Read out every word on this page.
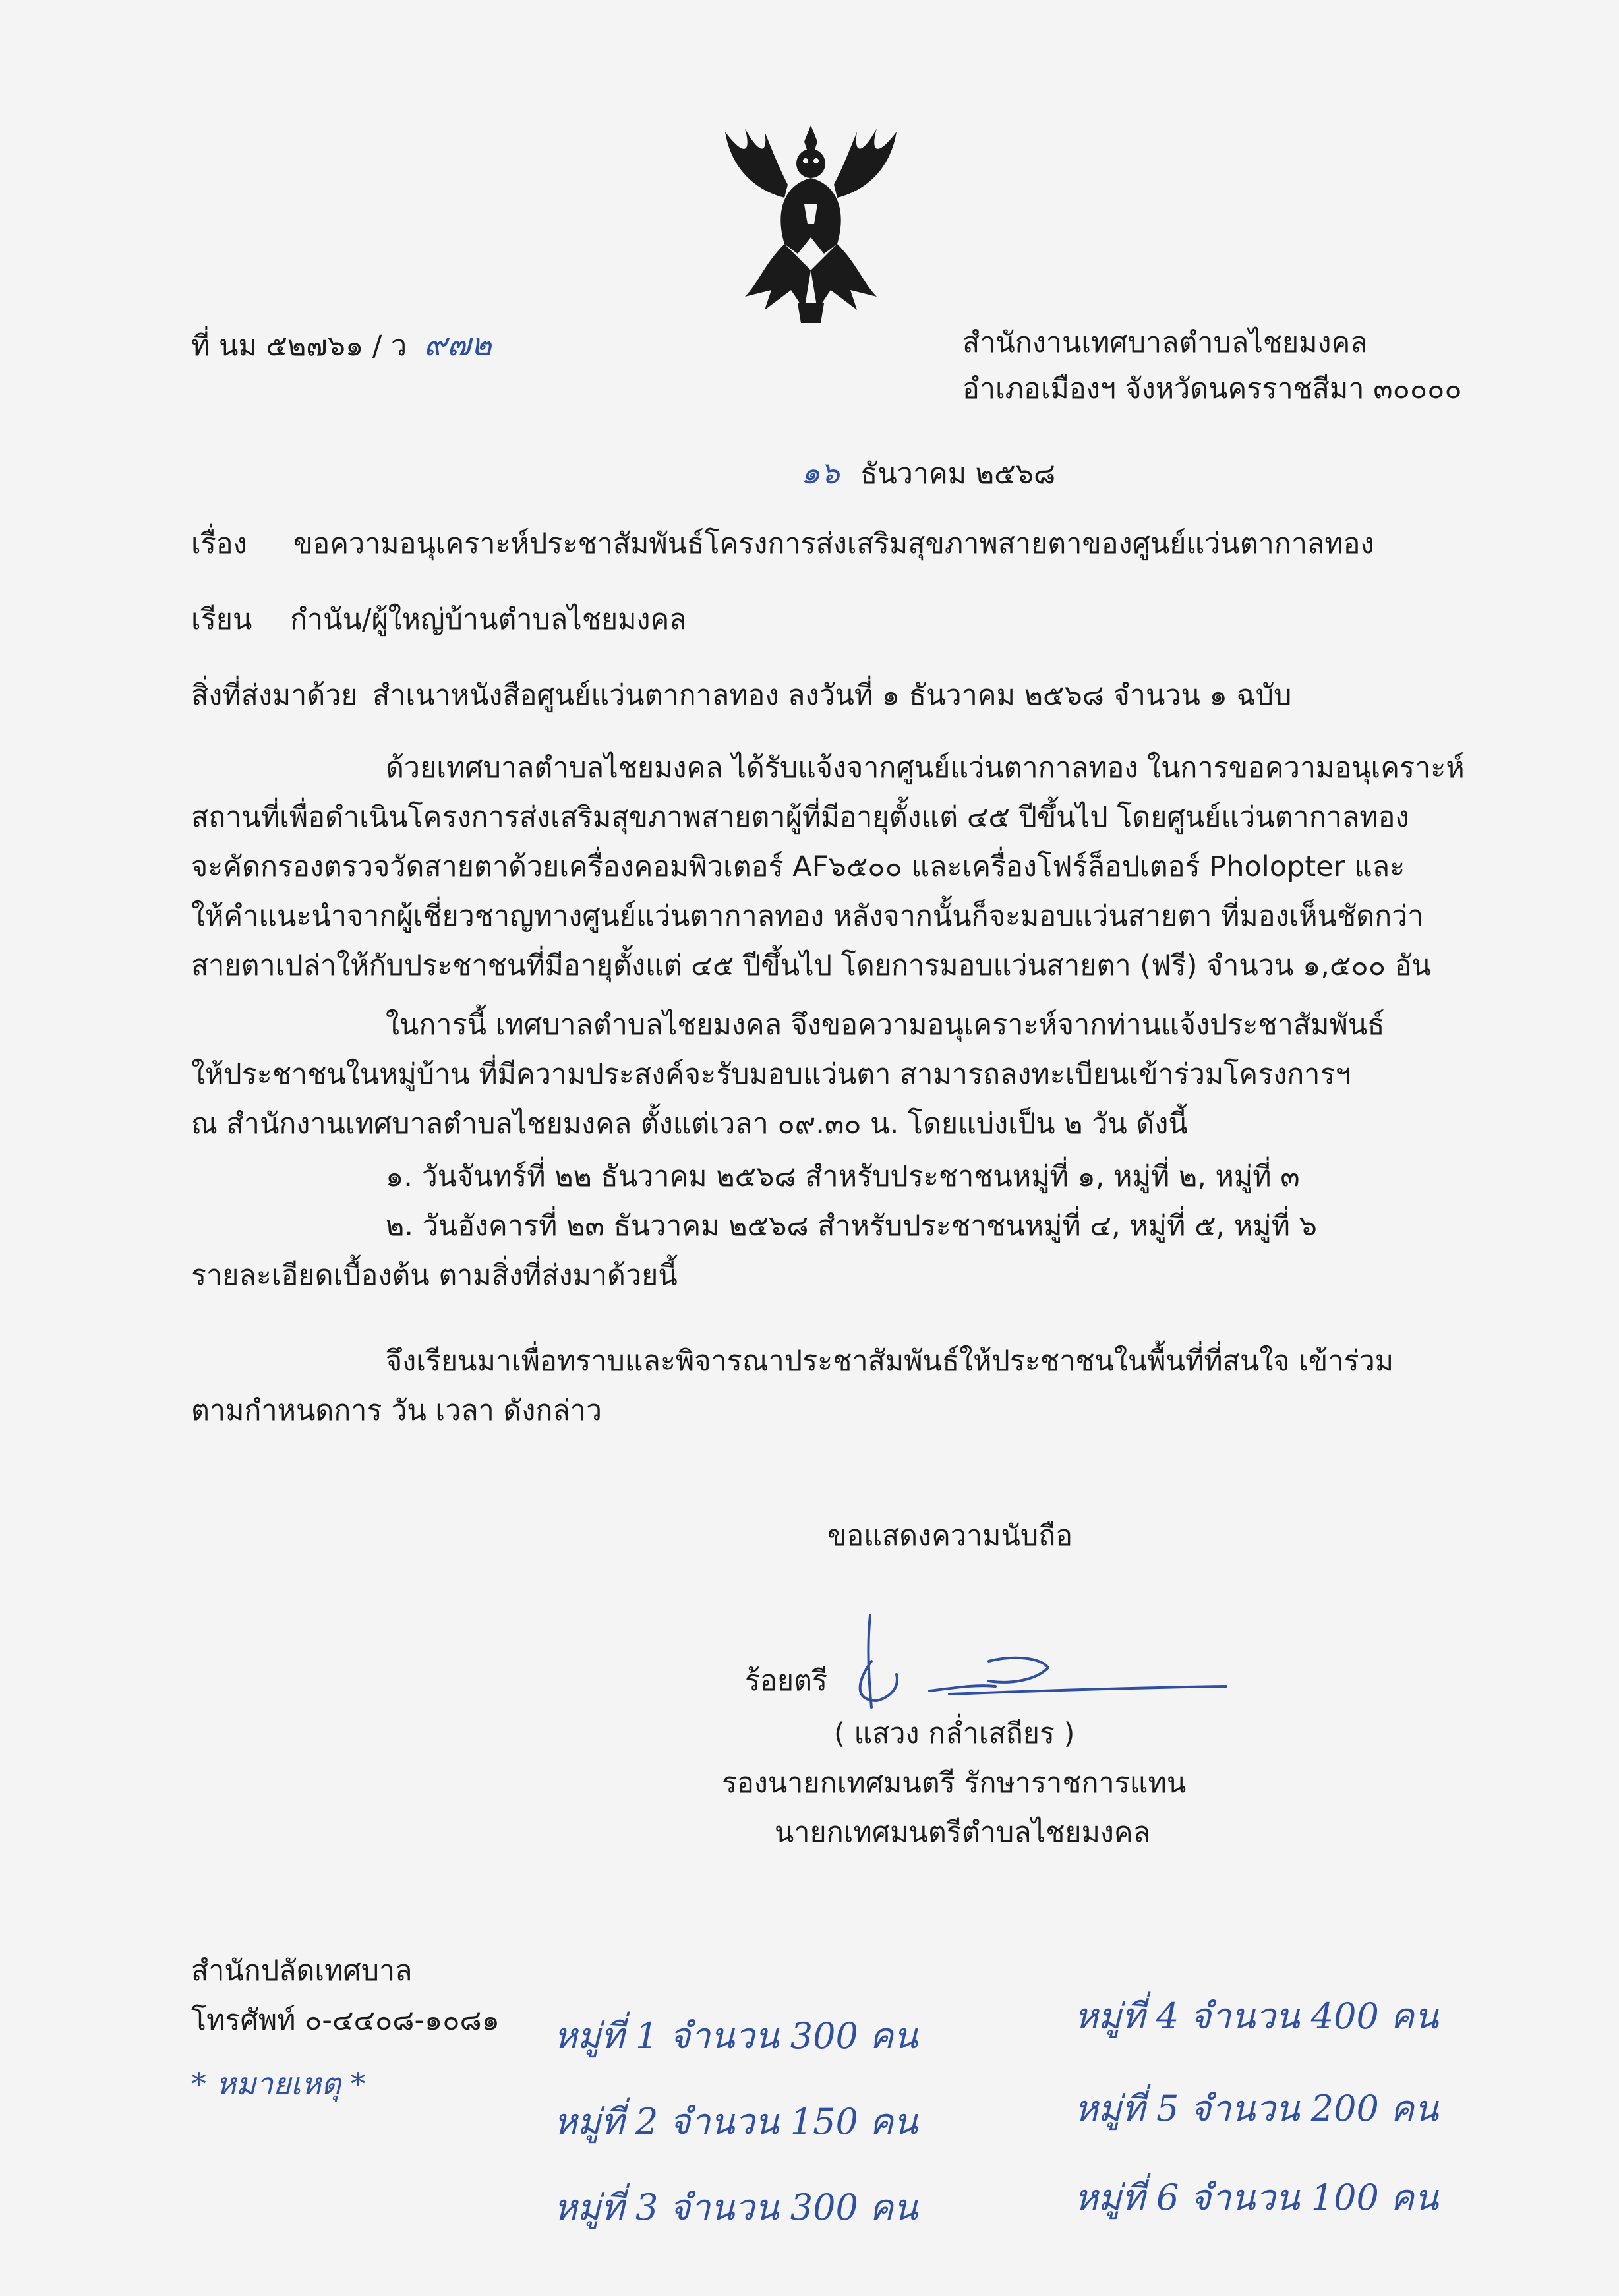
ที่ นม ๕๒๗๖๑ / ว ๙๗๒	สำนักงานเทศบาลตำบลไชยมงคล
อำเภอเมืองฯ จังหวัดนครราชสีมา ๓๐๐๐๐
๑๖ ธันวาคม ๒๕๖๘
เรื่อง ขอความอนุเคราะห์ประชาสัมพันธ์โครงการส่งเสริมสุขภาพสายตาของศูนย์แว่นตากาลทอง
เรียน กำนัน/ผู้ใหญ่บ้านตำบลไชยมงคล
สิ่งที่ส่งมาด้วย สำเนาหนังสือศูนย์แว่นตากาลทอง ลงวันที่ ๑ ธันวาคม ๒๕๖๘ จำนวน ๑ ฉบับ
ด้วยเทศบาลตำบลไชยมงคล ได้รับแจ้งจากศูนย์แว่นตากาลทอง ในการขอความอนุเคราะห์
สถานที่เพื่อดำเนินโครงการส่งเสริมสุขภาพสายตาผู้ที่มีอายุตั้งแต่ ๔๕ ปีขึ้นไป โดยศูนย์แว่นตากาลทอง
จะคัดกรองตรวจวัดสายตาด้วยเครื่องคอมพิวเตอร์ AF๖๕๐๐ และเครื่องโฟร์ล็อปเตอร์ Pholopter และ
ให้คำแนะนำจากผู้เชี่ยวชาญทางศูนย์แว่นตากาลทอง หลังจากนั้นก็จะมอบแว่นสายตา ที่มองเห็นชัดกว่า
สายตาเปล่าให้กับประชาชนที่มีอายุตั้งแต่ ๔๕ ปีขึ้นไป โดยการมอบแว่นสายตา (ฟรี) จำนวน ๑,๕๐๐ อัน
ในการนี้ เทศบาลตำบลไชยมงคล จึงขอความอนุเคราะห์จากท่านแจ้งประชาสัมพันธ์
ให้ประชาชนในหมู่บ้าน ที่มีความประสงค์จะรับมอบแว่นตา สามารถลงทะเบียนเข้าร่วมโครงการฯ
ณ สำนักงานเทศบาลตำบลไชยมงคล ตั้งแต่เวลา ๐๙.๓๐ น. โดยแบ่งเป็น ๒ วัน ดังนี้
๑. วันจันทร์ที่ ๒๒ ธันวาคม ๒๕๖๘ สำหรับประชาชนหมู่ที่ ๑, หมู่ที่ ๒, หมู่ที่ ๓
๒. วันอังคารที่ ๒๓ ธันวาคม ๒๕๖๘ สำหรับประชาชนหมู่ที่ ๔, หมู่ที่ ๕, หมู่ที่ ๖
รายละเอียดเบื้องต้น ตามสิ่งที่ส่งมาด้วยนี้
จึงเรียนมาเพื่อทราบและพิจารณาประชาสัมพันธ์ให้ประชาชนในพื้นที่ที่สนใจ เข้าร่วม
ตามกำหนดการ วัน เวลา ดังกล่าว
ขอแสดงความนับถือ
ร้อยตรี
( แสวง กล่ำเสถียร )
รองนายกเทศมนตรี รักษาราชการแทน
นายกเทศมนตรีตำบลไชยมงคล
สำนักปลัดเทศบาล
โทรศัพท์ ๐-๔๔๐๘-๑๐๘๑
* หมายเหตุ *
หมู่ที่ 1 จำนวน 300 คน
หมู่ที่ 2 จำนวน 150 คน
หมู่ที่ 3 จำนวน 300 คน
หมู่ที่ 4 จำนวน 400 คน
หมู่ที่ 5 จำนวน 200 คน
หมู่ที่ 6 จำนวน 100 คน
